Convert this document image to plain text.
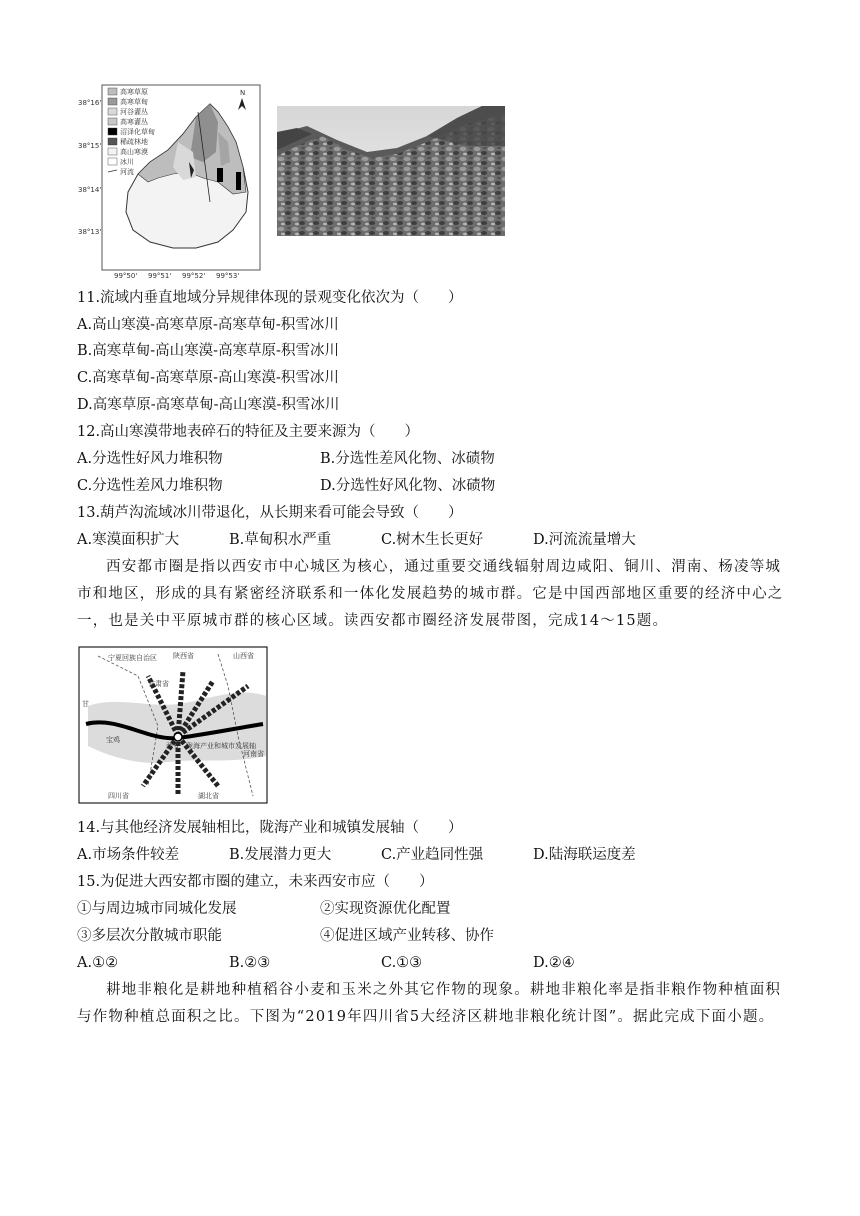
高寒草原
高寒草甸
河谷灌丛
高寒灌丛
沼泽化草甸
稀疏林地
高山寒漠
冰川
河流
N
38°16'
38°15'
38°14'
38°13'
99°50' 99°51' 99°52' 99°53'
11.流域内垂直地域分异规律体现的景观变化依次为（　　）
A.高山寒漠-高寒草原-高寒草甸-积雪冰川
B.高寒草甸-高山寒漠-高寒草原-积雪冰川
C.高寒草甸-高寒草原-高山寒漠-积雪冰川
D.高寒草原-高寒草甸-高山寒漠-积雪冰川
12.高山寒漠带地表碎石的特征及主要来源为（　　）
A.分选性好风力堆积物	B.分选性差风化物、冰碛物
C.分选性差风力堆积物	D.分选性好风化物、冰碛物
13.葫芦沟流域冰川带退化，从长期来看可能会导致（　　）
A.寒漠面积扩大	B.草甸积水严重	C.树木生长更好	D.河流流量增大
西安都市圈是指以西安市中心城区为核心，通过重要交通线辐射周边咸阳、铜川、渭南、杨凌等城市和地区，形成的具有紧密经济联系和一体化发展趋势的城市群。它是中国西部地区重要的经济中心之一，也是关中平原城市群的核心区域。读西安都市圈经济发展带图，完成14～15题。
宁夏回族自治区 陕西省	山西省
甘肃省
河南省
湖北省
四川省
陇海产业和城市发展轴
西安
宝鸡
甘
14.与其他经济发展轴相比，陇海产业和城镇发展轴（　　）
A.市场条件较差	B.发展潜力更大	C.产业趋同性强	D.陆海联运度差
15.为促进大西安都市圈的建立，未来西安市应（　　）
①与周边城市同城化发展	②实现资源优化配置
③多层次分散城市职能	④促进区域产业转移、协作
A.①②	B.②③	C.①③	D.②④
耕地非粮化是耕地种植稻谷小麦和玉米之外其它作物的现象。耕地非粮化率是指非粮作物种植面积与作物种植总面积之比。下图为“2019年四川省5大经济区耕地非粮化统计图”。据此完成下面小题。
